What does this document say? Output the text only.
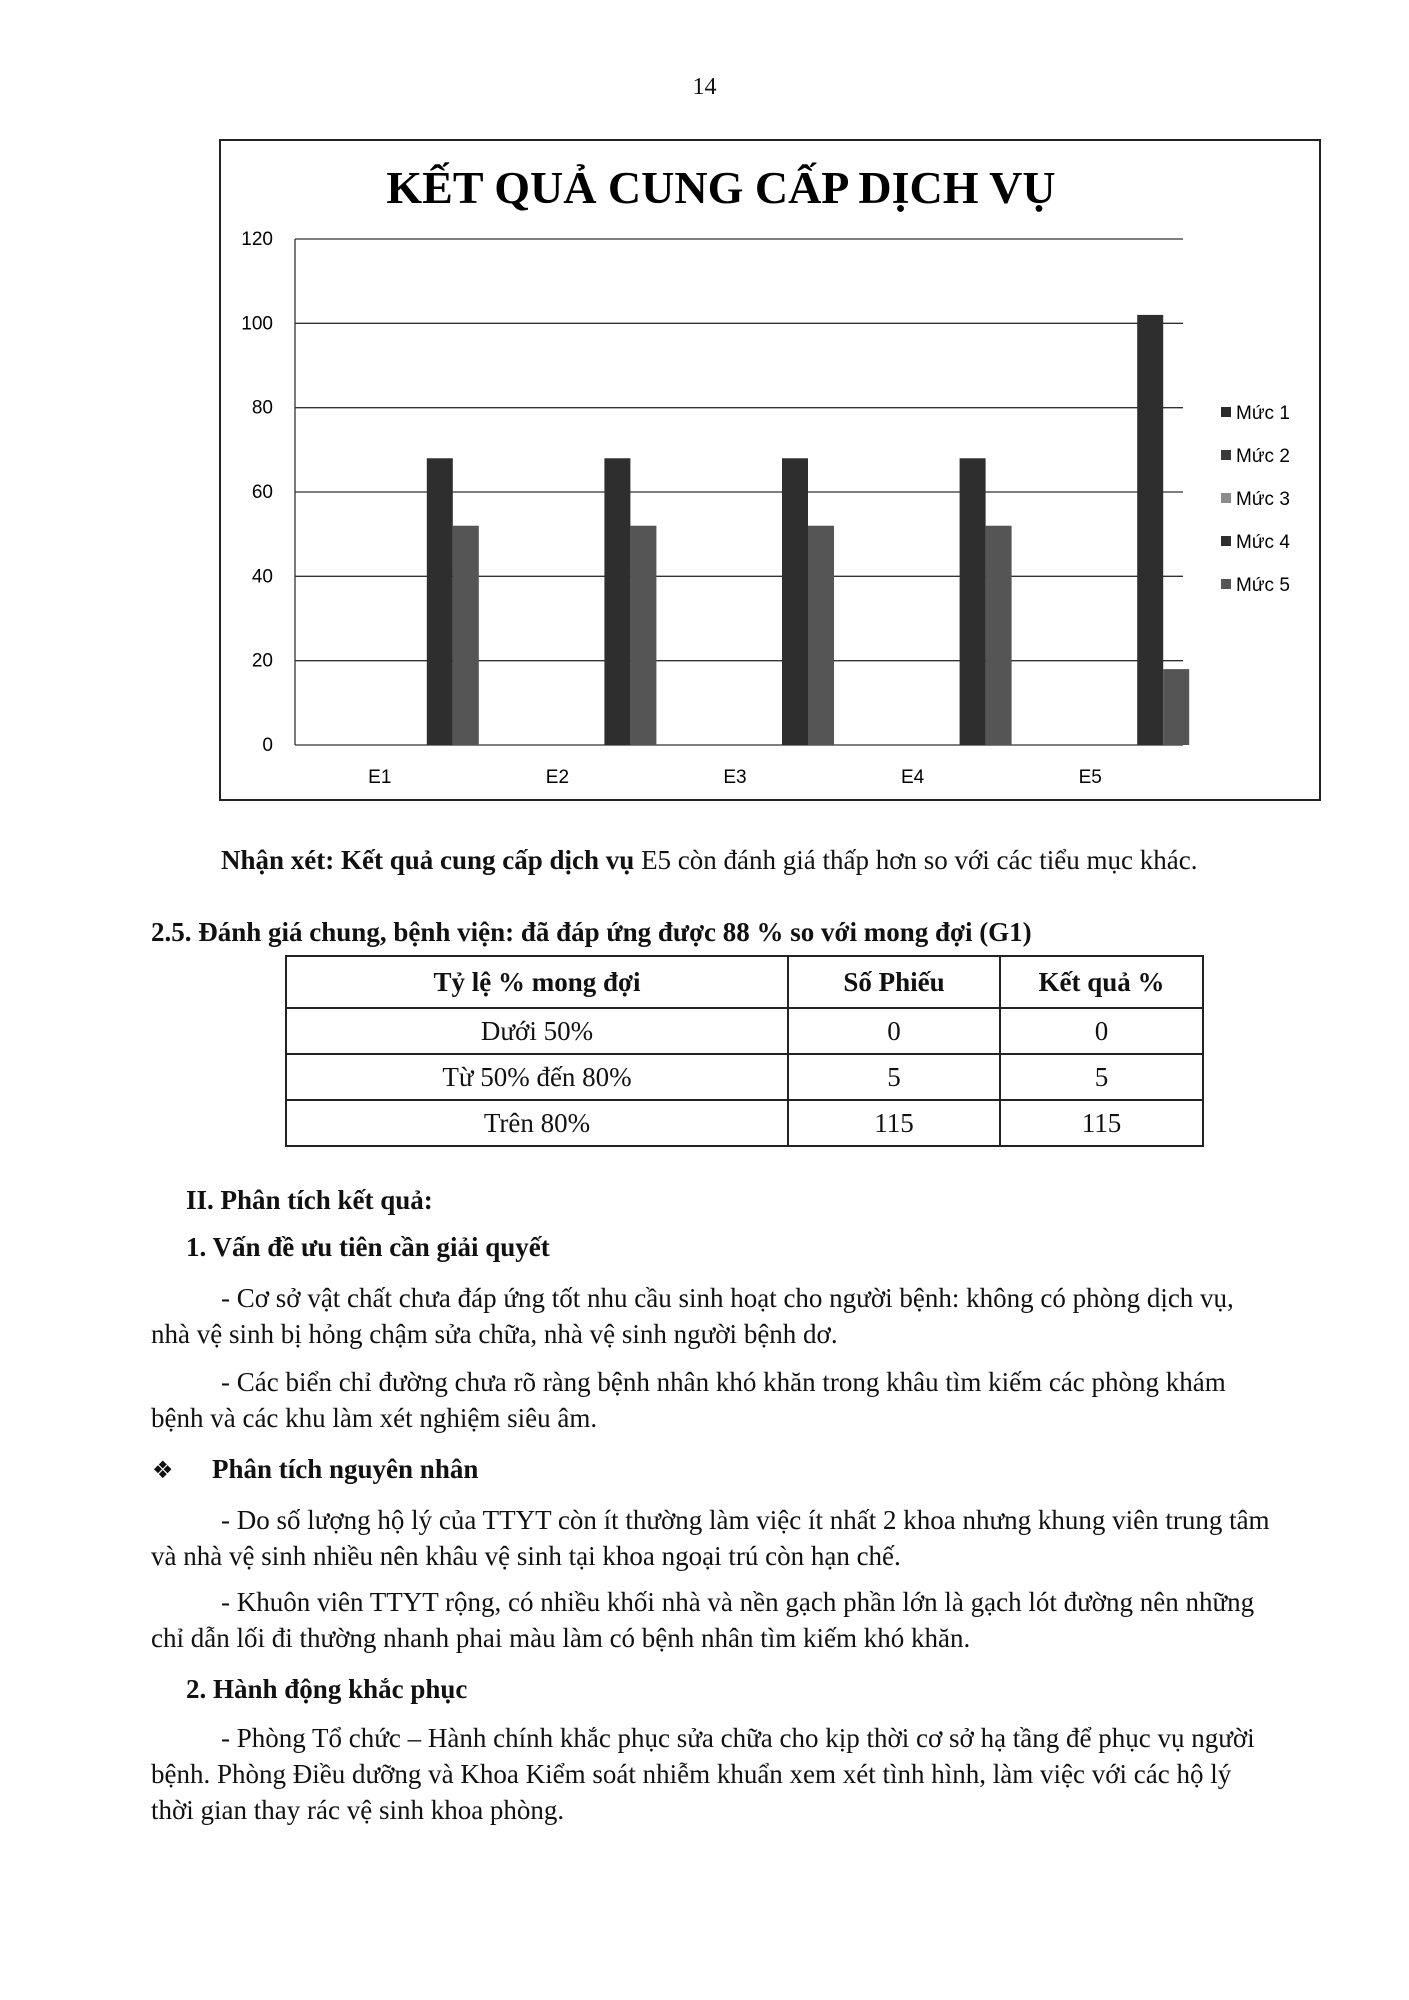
14
KẾT QUẢ CUNG CẤP DỊCH VỤ
0
20
40
60
80
100
120
E1	E2	E3	E4	E5
Mức 1
Mức 2
Mức 3
Mức 4
Mức 5

Nhận xét: Kết quả cung cấp dịch vụ E5 còn đánh giá thấp hơn so với các tiểu mục khác.

2.5. Đánh giá chung, bệnh viện: đã đáp ứng được 88 % so với mong đợi (G1)
Tỷ lệ % mong đợi	Số Phiếu	Kết quả %
Dưới 50%	0	0
Từ 50% đến 80%	5	5
Trên 80%	115	115
II. Phân tích kết quả:
1. Vấn đề ưu tiên cần giải quyết

- Cơ sở vật chất chưa đáp ứng tốt nhu cầu sinh hoạt cho người bệnh: không có phòng dịch vụ, nhà vệ sinh bị hỏng chậm sửa chữa, nhà vệ sinh người bệnh dơ.

- Các biển chỉ đường chưa rõ ràng bệnh nhân khó khăn trong khâu tìm kiếm các phòng khám bệnh và các khu làm xét nghiệm siêu âm.

❖ Phân tích nguyên nhân

- Do số lượng hộ lý của TTYT còn ít thường làm việc ít nhất 2 khoa nhưng khung viên trung tâm và nhà vệ sinh nhiều nên khâu vệ sinh tại khoa ngoại trú còn hạn chế.

- Khuôn viên TTYT rộng, có nhiều khối nhà và nền gạch phần lớn là gạch lót đường nên những chỉ dẫn lối đi thường nhanh phai màu làm có bệnh nhân tìm kiếm khó khăn.

2. Hành động khắc phục

- Phòng Tổ chức – Hành chính khắc phục sửa chữa cho kịp thời cơ sở hạ tầng để phục vụ người bệnh. Phòng Điều dưỡng và Khoa Kiểm soát nhiễm khuẩn xem xét tình hình, làm việc với các hộ lý thời gian thay rác vệ sinh khoa phòng.
